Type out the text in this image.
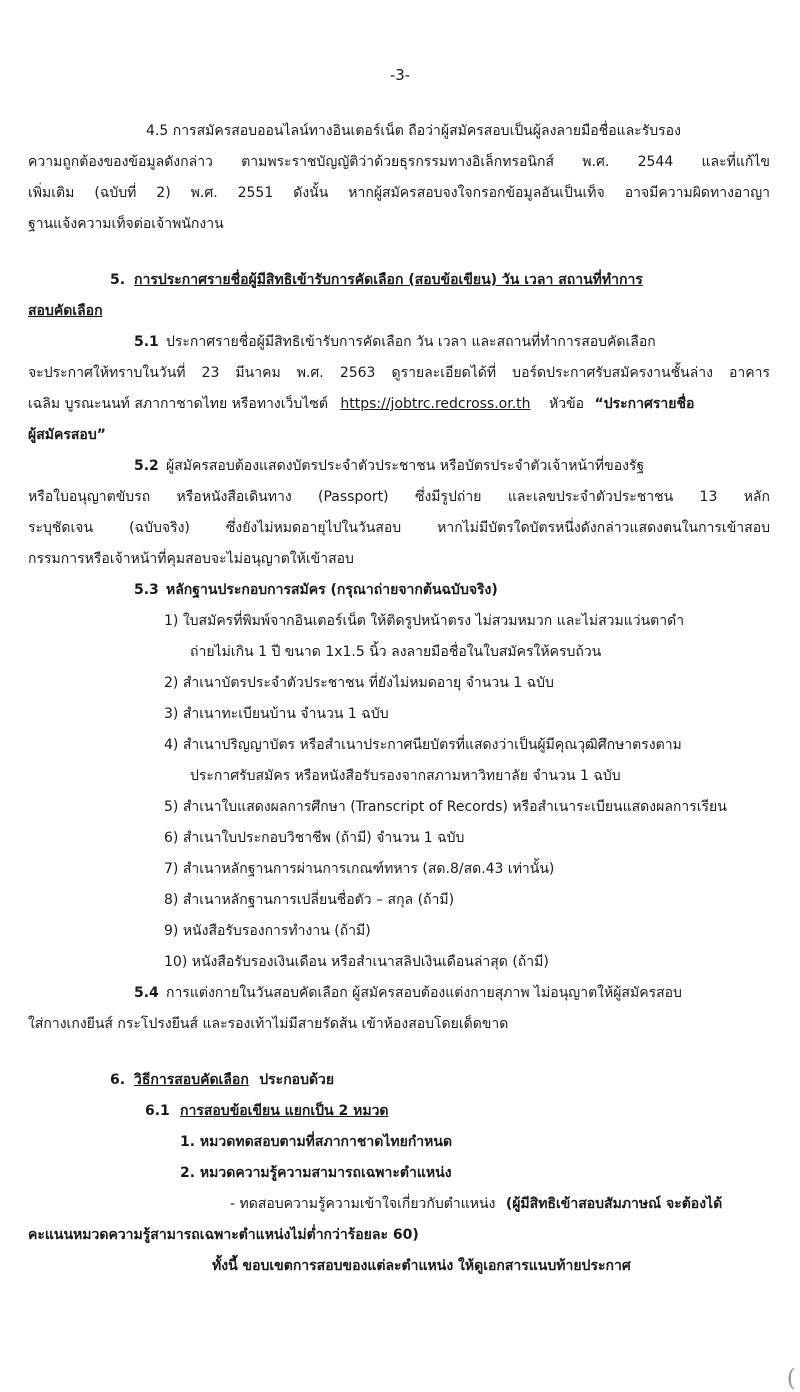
-3-
4.5 การสมัครสอบออนไลน์ทางอินเตอร์เน็ต ถือว่าผู้สมัครสอบเป็นผู้ลงลายมือชื่อและรับรอง
ความถูกต้องของข้อมูลดังกล่าว ตามพระราชบัญญัติว่าด้วยธุรกรรมทางอิเล็กทรอนิกส์ พ.ศ. 2544 และที่แก้ไข
เพิ่มเติม (ฉบับที่ 2) พ.ศ. 2551 ดังนั้น หากผู้สมัครสอบจงใจกรอกข้อมูลอันเป็นเท็จ อาจมีความผิดทางอาญา
ฐานแจ้งความเท็จต่อเจ้าพนักงาน
5. การประกาศรายชื่อผู้มีสิทธิเข้ารับการคัดเลือก (สอบข้อเขียน) วัน เวลา สถานที่ทำการ
สอบคัดเลือก
5.1 ประกาศรายชื่อผู้มีสิทธิเข้ารับการคัดเลือก วัน เวลา และสถานที่ทำการสอบคัดเลือก
จะประกาศให้ทราบในวันที่ 23 มีนาคม พ.ศ. 2563 ดูรายละเอียดได้ที่ บอร์ดประกาศรับสมัครงานชั้นล่าง อาคาร
เฉลิม บูรณะนนท์ สภากาชาดไทย หรือทางเว็บไซต์ https://jobtrc.redcross.or.th หัวข้อ “ประกาศรายชื่อ
ผู้สมัครสอบ”
5.2 ผู้สมัครสอบต้องแสดงบัตรประจำตัวประชาชน หรือบัตรประจำตัวเจ้าหน้าที่ของรัฐ
หรือใบอนุญาตขับรถ หรือหนังสือเดินทาง (Passport) ซึ่งมีรูปถ่าย และเลขประจำตัวประชาชน 13 หลัก
ระบุชัดเจน (ฉบับจริง) ซึ่งยังไม่หมดอายุไปในวันสอบ หากไม่มีบัตรใดบัตรหนึ่งดังกล่าวแสดงตนในการเข้าสอบ
กรรมการหรือเจ้าหน้าที่คุมสอบจะไม่อนุญาตให้เข้าสอบ
5.3 หลักฐานประกอบการสมัคร (กรุณาถ่ายจากต้นฉบับจริง)
1) ใบสมัครที่พิมพ์จากอินเตอร์เน็ต ให้ติดรูปหน้าตรง ไม่สวมหมวก และไม่สวมแว่นตาดำ
ถ่ายไม่เกิน 1 ปี ขนาด 1x1.5 นิ้ว ลงลายมือชื่อในใบสมัครให้ครบถ้วน
2) สำเนาบัตรประจำตัวประชาชน ที่ยังไม่หมดอายุ จำนวน 1 ฉบับ
3) สำเนาทะเบียนบ้าน จำนวน 1 ฉบับ
4) สำเนาปริญญาบัตร หรือสำเนาประกาศนียบัตรที่แสดงว่าเป็นผู้มีคุณวุฒิศึกษาตรงตาม
ประกาศรับสมัคร หรือหนังสือรับรองจากสภามหาวิทยาลัย จำนวน 1 ฉบับ
5) สำเนาใบแสดงผลการศึกษา (Transcript of Records) หรือสำเนาระเบียนแสดงผลการเรียน
6) สำเนาใบประกอบวิชาชีพ (ถ้ามี) จำนวน 1 ฉบับ
7) สำเนาหลักฐานการผ่านการเกณฑ์ทหาร (สด.8/สด.43 เท่านั้น)
8) สำเนาหลักฐานการเปลี่ยนชื่อตัว – สกุล (ถ้ามี)
9) หนังสือรับรองการทำงาน (ถ้ามี)
10) หนังสือรับรองเงินเดือน หรือสำเนาสลิปเงินเดือนล่าสุด (ถ้ามี)
5.4 การแต่งกายในวันสอบคัดเลือก ผู้สมัครสอบต้องแต่งกายสุภาพ ไม่อนุญาตให้ผู้สมัครสอบ
ใส่กางเกงยีนส์ กระโปรงยีนส์ และรองเท้าไม่มีสายรัดส้น เข้าห้องสอบโดยเด็ดขาด
6. วิธีการสอบคัดเลือก ประกอบด้วย
6.1 การสอบข้อเขียน แยกเป็น 2 หมวด
1. หมวดทดสอบตามที่สภากาชาดไทยกำหนด
2. หมวดความรู้ความสามารถเฉพาะตำแหน่ง
- ทดสอบความรู้ความเข้าใจเกี่ยวกับตำแหน่ง (ผู้มีสิทธิเข้าสอบสัมภาษณ์ จะต้องได้
คะแนนหมวดความรู้สามารถเฉพาะตำแหน่งไม่ต่ำกว่าร้อยละ 60)
ทั้งนี้ ขอบเขตการสอบของแต่ละตำแหน่ง ให้ดูเอกสารแนบท้ายประกาศ
(
